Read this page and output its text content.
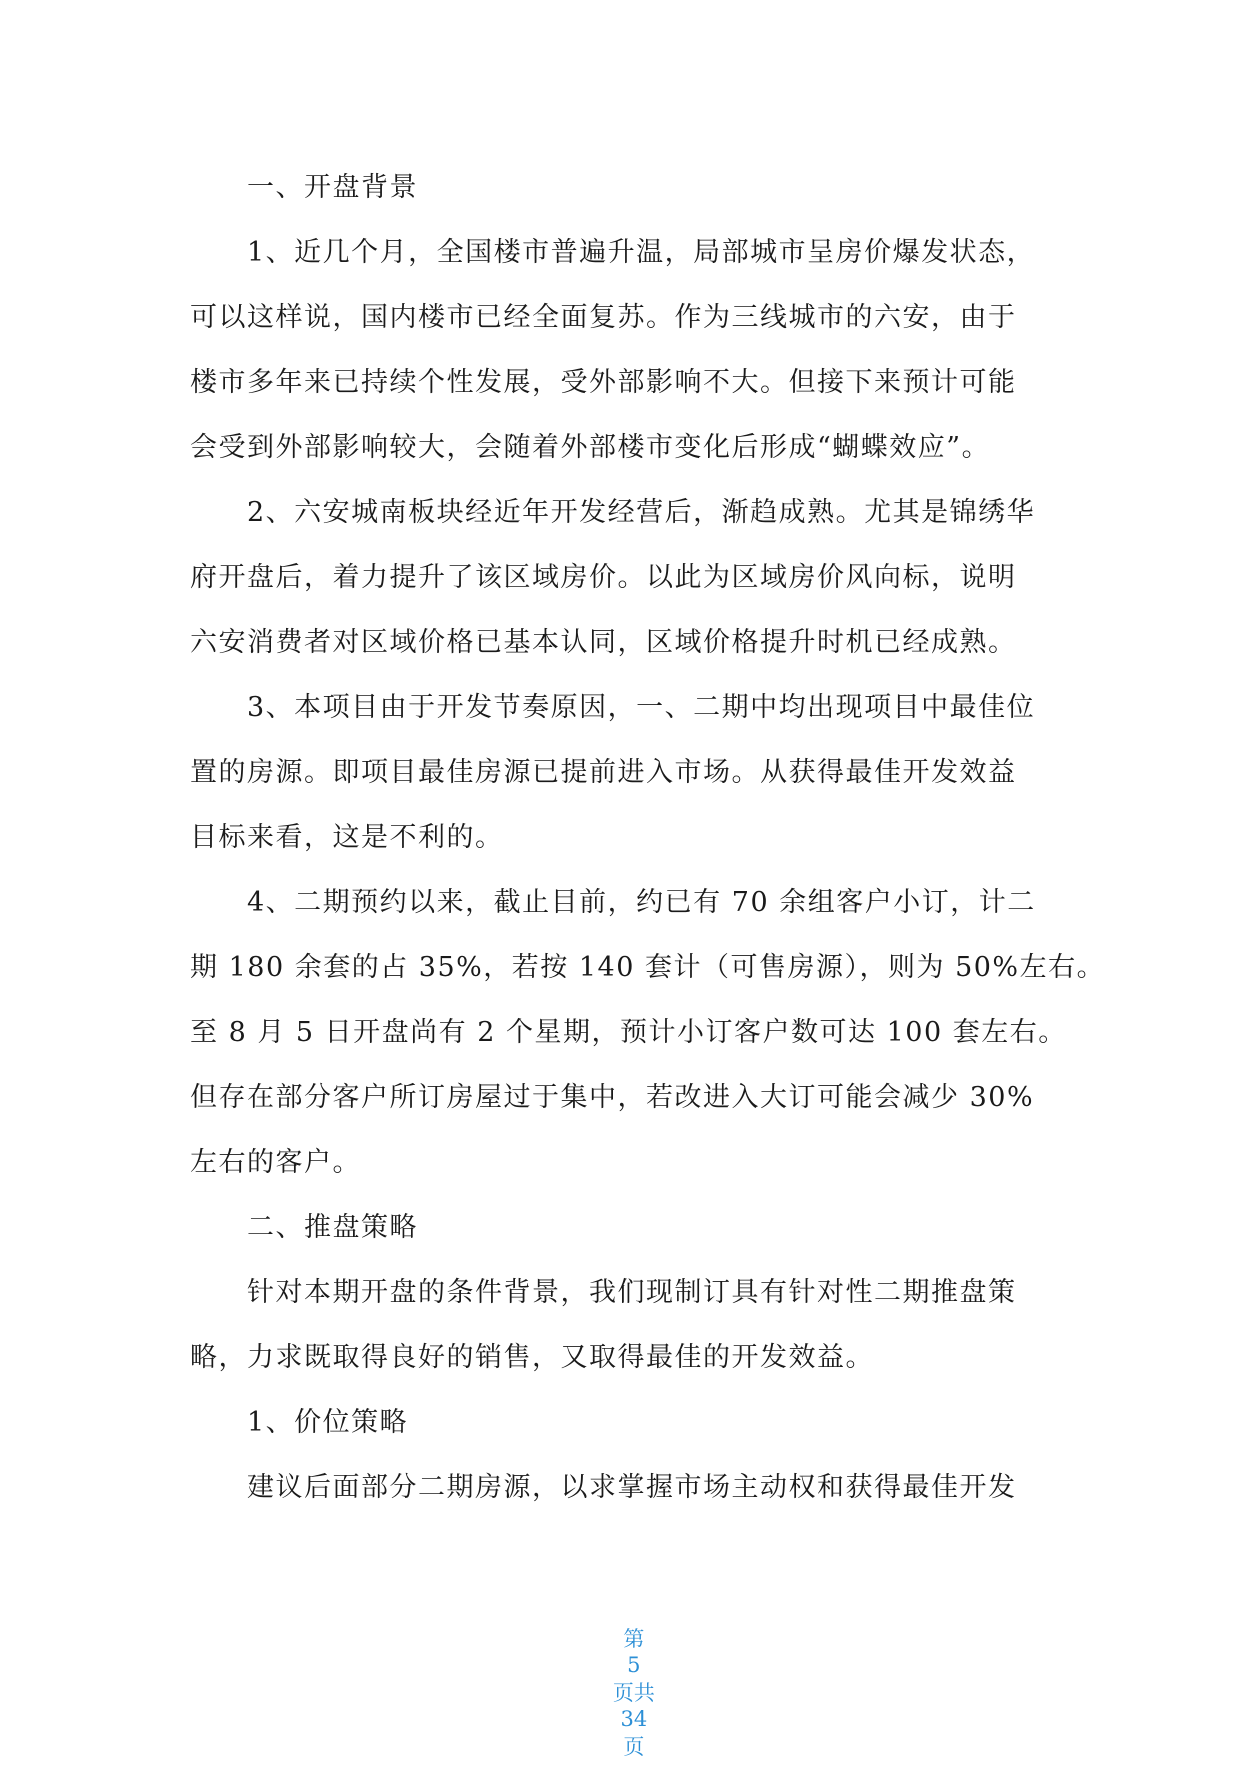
一、开盘背景
1、近几个月，全国楼市普遍升温，局部城市呈房价爆发状态，
可以这样说，国内楼市已经全面复苏。作为三线城市的六安，由于
楼市多年来已持续个性发展，受外部影响不大。但接下来预计可能
会受到外部影响较大，会随着外部楼市变化后形成“蝴蝶效应”。
2、六安城南板块经近年开发经营后，渐趋成熟。尤其是锦绣华
府开盘后，着力提升了该区域房价。以此为区域房价风向标，说明
六安消费者对区域价格已基本认同，区域价格提升时机已经成熟。
3、本项目由于开发节奏原因，一、二期中均出现项目中最佳位
置的房源。即项目最佳房源已提前进入市场。从获得最佳开发效益
目标来看，这是不利的。
4、二期预约以来，截止目前，约已有 70 余组客户小订，计二
期 180 余套的占 35%，若按 140 套计（可售房源），则为 50%左右。
至 8 月 5 日开盘尚有 2 个星期，预计小订客户数可达 100 套左右。
但存在部分客户所订房屋过于集中，若改进入大订可能会减少 30%
左右的客户。
二、推盘策略
针对本期开盘的条件背景，我们现制订具有针对性二期推盘策
略，力求既取得良好的销售，又取得最佳的开发效益。
1、价位策略
建议后面部分二期房源，以求掌握市场主动权和获得最佳开发

第
5
页共
34
页
